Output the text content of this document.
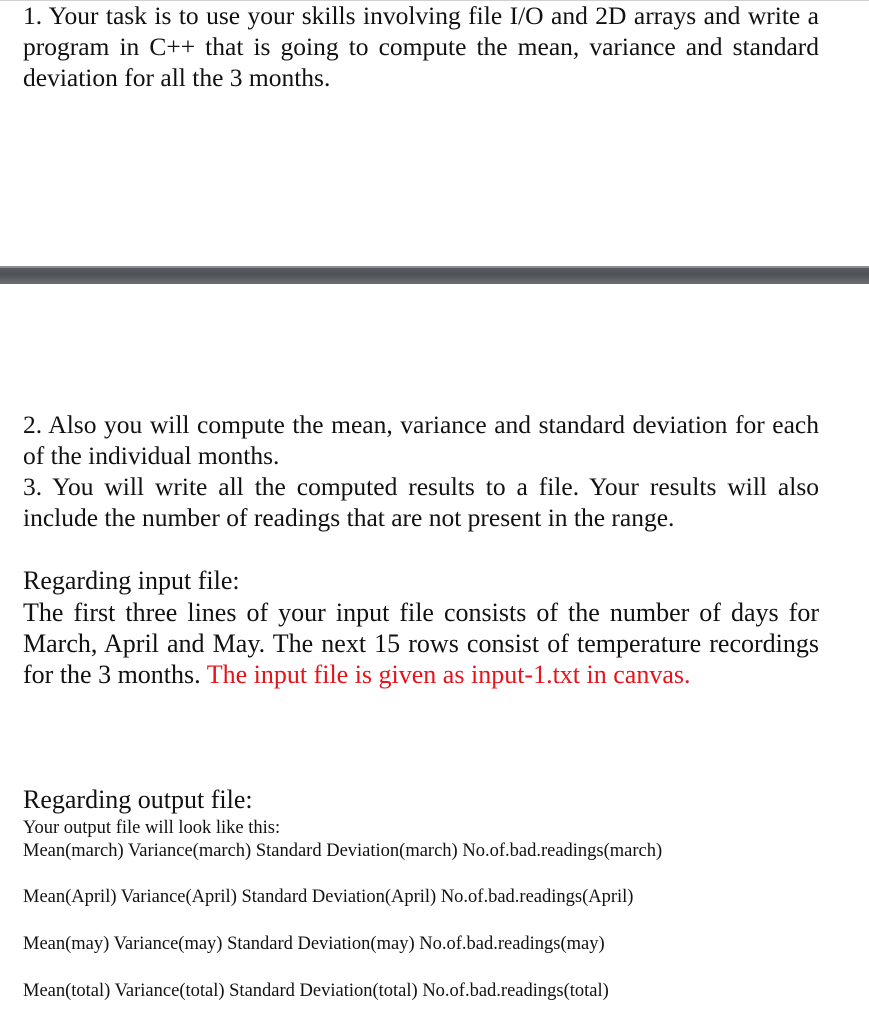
1. Your task is to use your skills involving file I/O and 2D arrays and write a program in C++ that is going to compute the mean, variance and standard deviation for all the 3 months.

2. Also you will compute the mean, variance and standard deviation for each of the individual months.

3. You will write all the computed results to a file. Your results will also include the number of readings that are not present in the range.

Regarding input file:

The first three lines of your input file consists of the number of days for March, April and May. The next 15 rows consist of temperature recordings for the 3 months. The input file is given as input-1.txt in canvas.

Regarding output file:

Your output file will look like this:

Mean(march) Variance(march) Standard Deviation(march) No.of.bad.readings(march)

Mean(April) Variance(April) Standard Deviation(April) No.of.bad.readings(April)

Mean(may) Variance(may) Standard Deviation(may) No.of.bad.readings(may)

Mean(total) Variance(total) Standard Deviation(total) No.of.bad.readings(total)
